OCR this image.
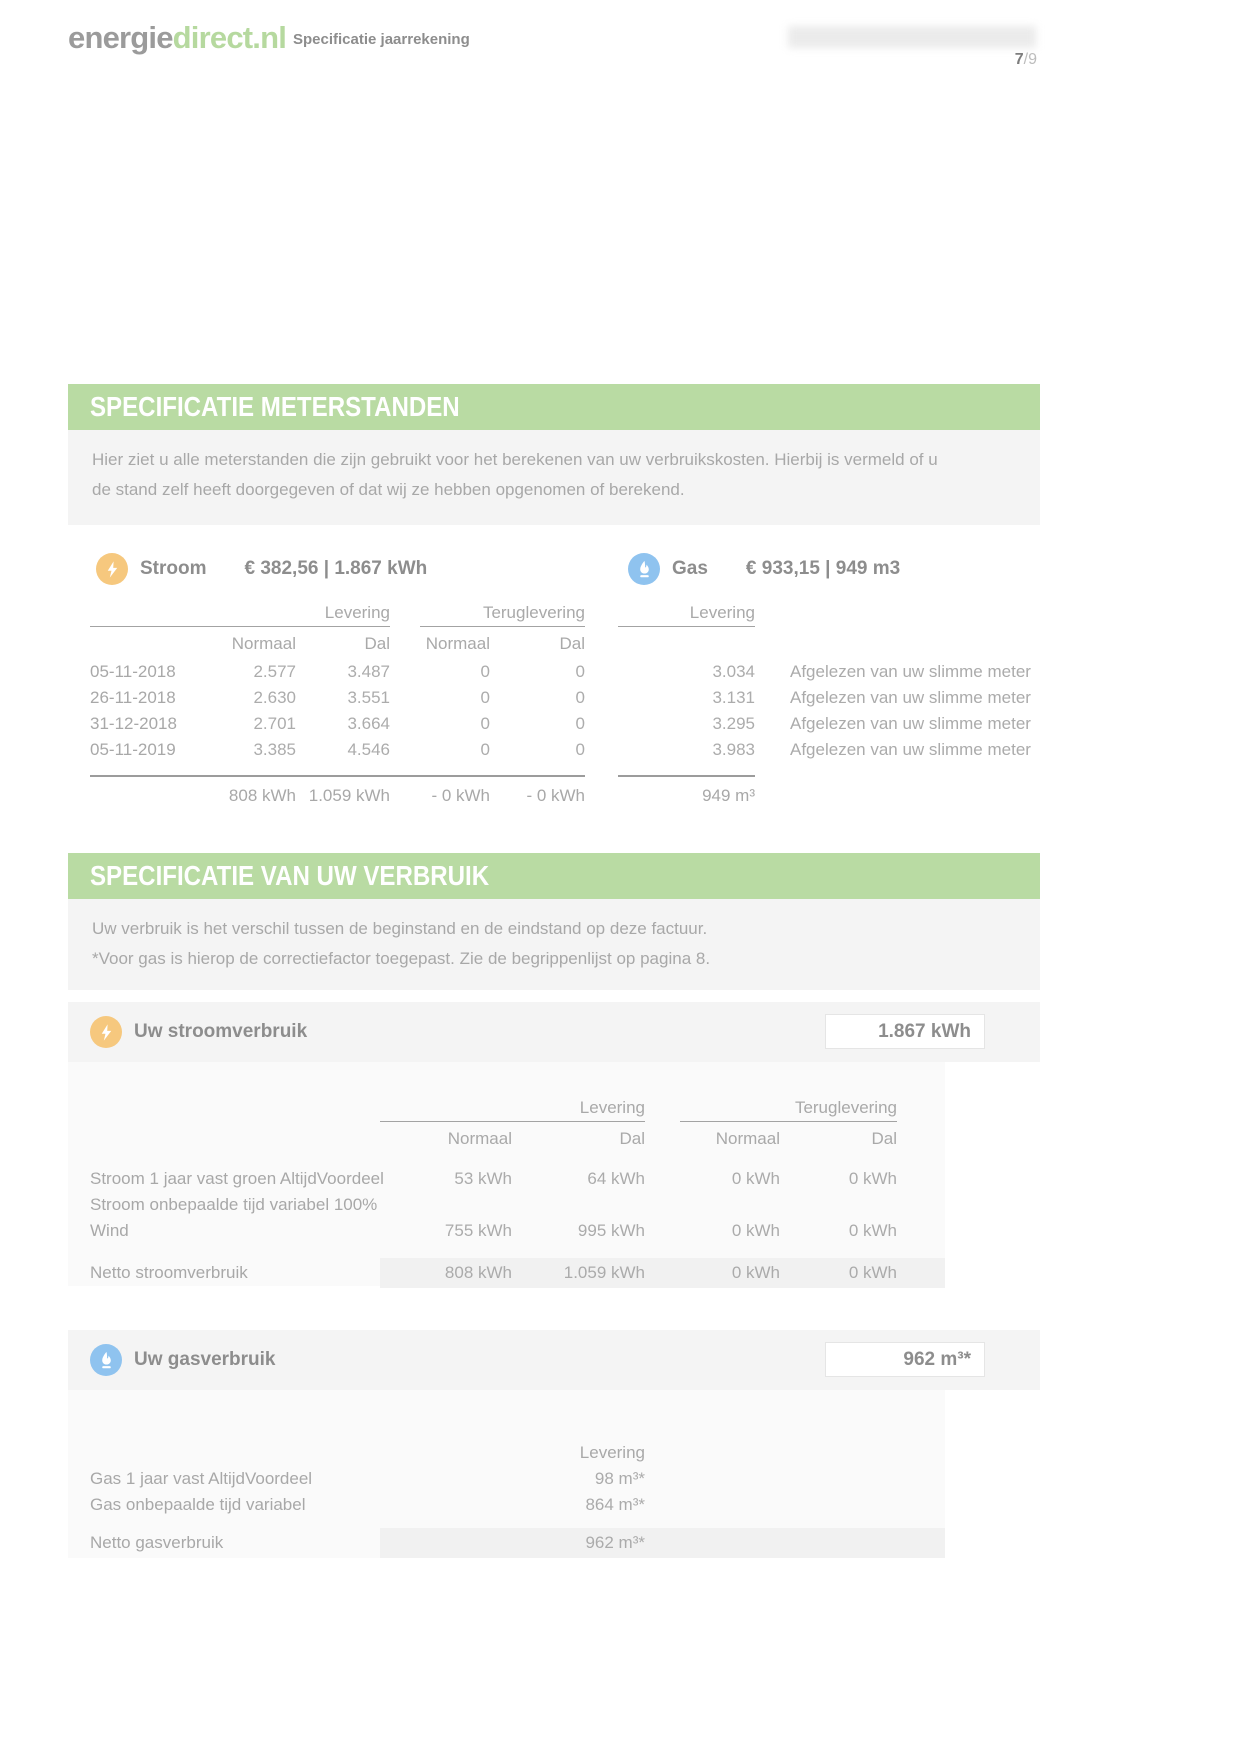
energiedirect.nl Specificatie jaarrekening
7/9
SPECIFICATIE METERSTANDEN
Hier ziet u alle meterstanden die zijn gebruikt voor het berekenen van uw verbruikskosten. Hierbij is vermeld of u
de stand zelf heeft doorgegeven of dat wij ze hebben opgenomen of berekend.
Stroom € 382,56 | 1.867 kWh	Gas € 933,15 | 949 m3
Levering	Teruglevering	Levering
Normaal	Dal	Normaal	Dal
05-11-2018	2.577	3.487	0	0	3.034 Afgelezen van uw slimme meter
26-11-2018	2.630	3.551	0	0	3.131 Afgelezen van uw slimme meter
31-12-2018	2.701	3.664	0	0	3.295 Afgelezen van uw slimme meter
05-11-2019	3.385	4.546	0	0	3.983 Afgelezen van uw slimme meter
808 kWh 1.059 kWh	- 0 kWh	- 0 kWh	949 m³
SPECIFICATIE VAN UW VERBRUIK
Uw verbruik is het verschil tussen de beginstand en de eindstand op deze factuur.
*Voor gas is hierop de correctiefactor toegepast. Zie de begrippenlijst op pagina 8.
Uw stroomverbruik	1.867 kWh
Levering	Teruglevering
Normaal	Dal	Normaal	Dal
Stroom 1 jaar vast groen AltijdVoordeel	53 kWh	64 kWh	0 kWh	0 kWh
Stroom onbepaalde tijd variabel 100%
Wind	755 kWh	995 kWh	0 kWh	0 kWh
Netto stroomverbruik	808 kWh	1.059 kWh	0 kWh	0 kWh
Uw gasverbruik	962 m³*
Levering
Gas 1 jaar vast AltijdVoordeel	98 m³*
Gas onbepaalde tijd variabel	864 m³*
Netto gasverbruik	962 m³*
